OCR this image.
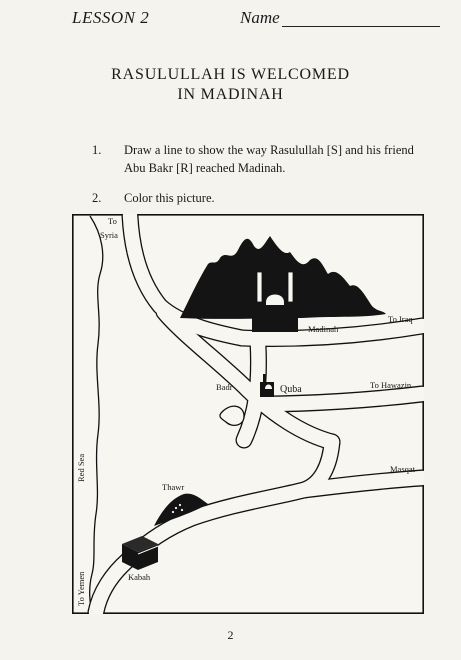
LESSON 2	Name
RASULULLAH IS WELCOMED
IN MADINAH
1. Draw a line to show the way Rasulullah [S] and his friend Abu Bakr [R] reached Madinah.
2. Color this picture.
To
Syria
Madinah
To Iraq
Badr	Quba	To Hawazin
Masqat
Thawr
Kabah
Red Sea
To Yemen
2
